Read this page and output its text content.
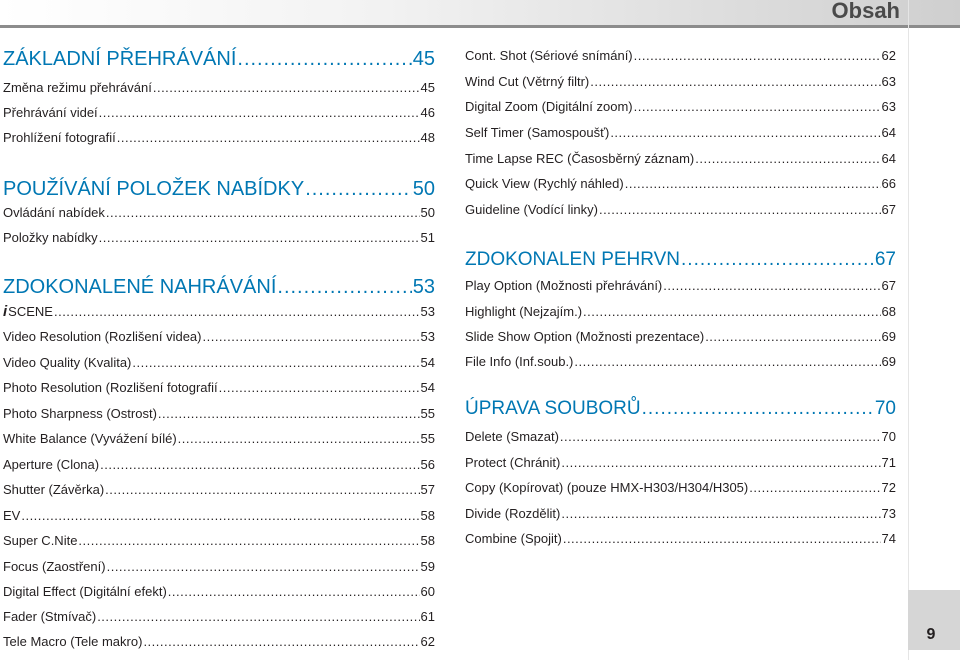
Obsah
9
ZÁKLADNÍ PŘEHRÁVÁNÍ .....	45
Změna režimu přehrávání .....	45
Přehrávání videí .....	46
Prohlížení fotografií .....	48
POUŽÍVÁNÍ POLOŽEK NABÍDKY .....	50
Ovládání nabídek .....	50
Položky nabídky .....	51
ZDOKONALENÉ NAHRÁVÁNÍ .....	53
iSCENE .....	53
Video Resolution (Rozlišení videa) .....	53
Video Quality (Kvalita) .....	54
Photo Resolution (Rozlišení fotografií .....	54
Photo Sharpness (Ostrost) .....	55
White Balance (Vyvážení bílé) .....	55
Aperture (Clona) .....	56
Shutter (Závěrka) .....	57
EV .....	58
Super C.Nite .....	58
Focus (Zaostření) .....	59
Digital Effect (Digitální efekt) .....	60
Fader (Stmívač) .....	61
Tele Macro (Tele makro) .....	62
Cont. Shot (Sériové snímání) .....	62
Wind Cut (Větrný filtr) .....	63
Digital Zoom (Digitální zoom) .....	63
Self Timer (Samospoušť) .....	64
Time Lapse REC (Časosběrný záznam) .....	64
Quick View (Rychlý náhled) .....	66
Guideline (Vodící linky) .....	67
ZDOKONALEN PEHRVN .....	67
Play Option (Možnosti přehrávání) .....	67
Highlight (Nejzajím.) .....	68
Slide Show Option (Možnosti prezentace) .....	69
File Info (Inf.soub.) .....	69
ÚPRAVA SOUBORŮ .....	70
Delete (Smazat) .....	70
Protect (Chránit) .....	71
Copy (Kopírovat) (pouze HMX-H303/H304/H305) .....	72
Divide (Rozdělit) .....	73
Combine (Spojit) .....	74
